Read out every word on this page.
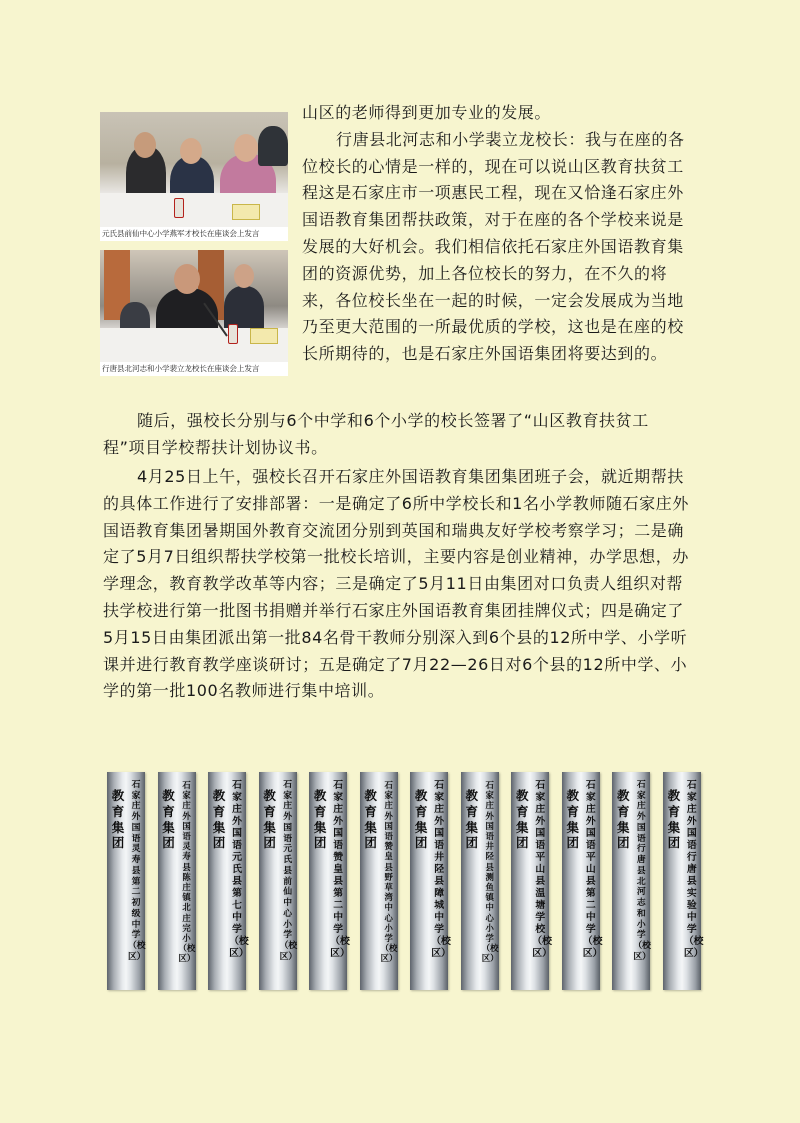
元氏县前仙中心小学燕军才校长在座谈会上发言
行唐县北河志和小学裴立龙校长在座谈会上发言
山区的老师得到更加专业的发展。
行唐县北河志和小学裴立龙校长：我与在座的各
位校长的心情是一样的，现在可以说山区教育扶贫工
程这是石家庄市一项惠民工程，现在又恰逢石家庄外
国语教育集团帮扶政策，对于在座的各个学校来说是
发展的大好机会。我们相信依托石家庄外国语教育集
团的资源优势，加上各位校长的努力，在不久的将
来，各位校长坐在一起的时候，一定会发展成为当地
乃至更大范围的一所最优质的学校，这也是在座的校
长所期待的，也是石家庄外国语集团将要达到的。
随后，强校长分别与6个中学和6个小学的校长签署了“山区教育扶贫工
程”项目学校帮扶计划协议书。
4月25日上午，强校长召开石家庄外国语教育集团集团班子会，就近期帮扶
的具体工作进行了安排部署：一是确定了6所中学校长和1名小学教师随石家庄外
国语教育集团暑期国外教育交流团分别到英国和瑞典友好学校考察学习；二是确
定了5月7日组织帮扶学校第一批校长培训，主要内容是创业精神，办学思想，办
学理念，教育教学改革等内容；三是确定了5月11日由集团对口负责人组织对帮
扶学校进行第一批图书捐赠并举行石家庄外国语教育集团挂牌仪式；四是确定了
5月15日由集团派出第一批84名骨干教师分别深入到6个县的12所中学、小学听
课并进行教育教学座谈研讨；五是确定了7月22—26日对6个县的12所中学、小
学的第一批100名教师进行集中培训。
石家庄外国语灵寿县第二初级中学（校区）
教育集团
石家庄外国语灵寿县陈庄镇北庄完小（校区）
教育集团
石家庄外国语元氏县第七中学（校区）
教育集团
石家庄外国语元氏县前仙中心小学（校区）
教育集团
石家庄外国语赞皇县第二中学（校区）
教育集团
石家庄外国语赞皇县野草湾中心小学（校区）
教育集团
石家庄外国语井陉县障城中学（校区）
教育集团
石家庄外国语井陉县测鱼镇中心小学（校区）
教育集团
石家庄外国语平山县温塘学校（校区）
教育集团
石家庄外国语平山县第二中学（校区）
教育集团
石家庄外国语行唐县北河志和小学（校区）
教育集团
石家庄外国语行唐县实验中学（校区）
教育集团
